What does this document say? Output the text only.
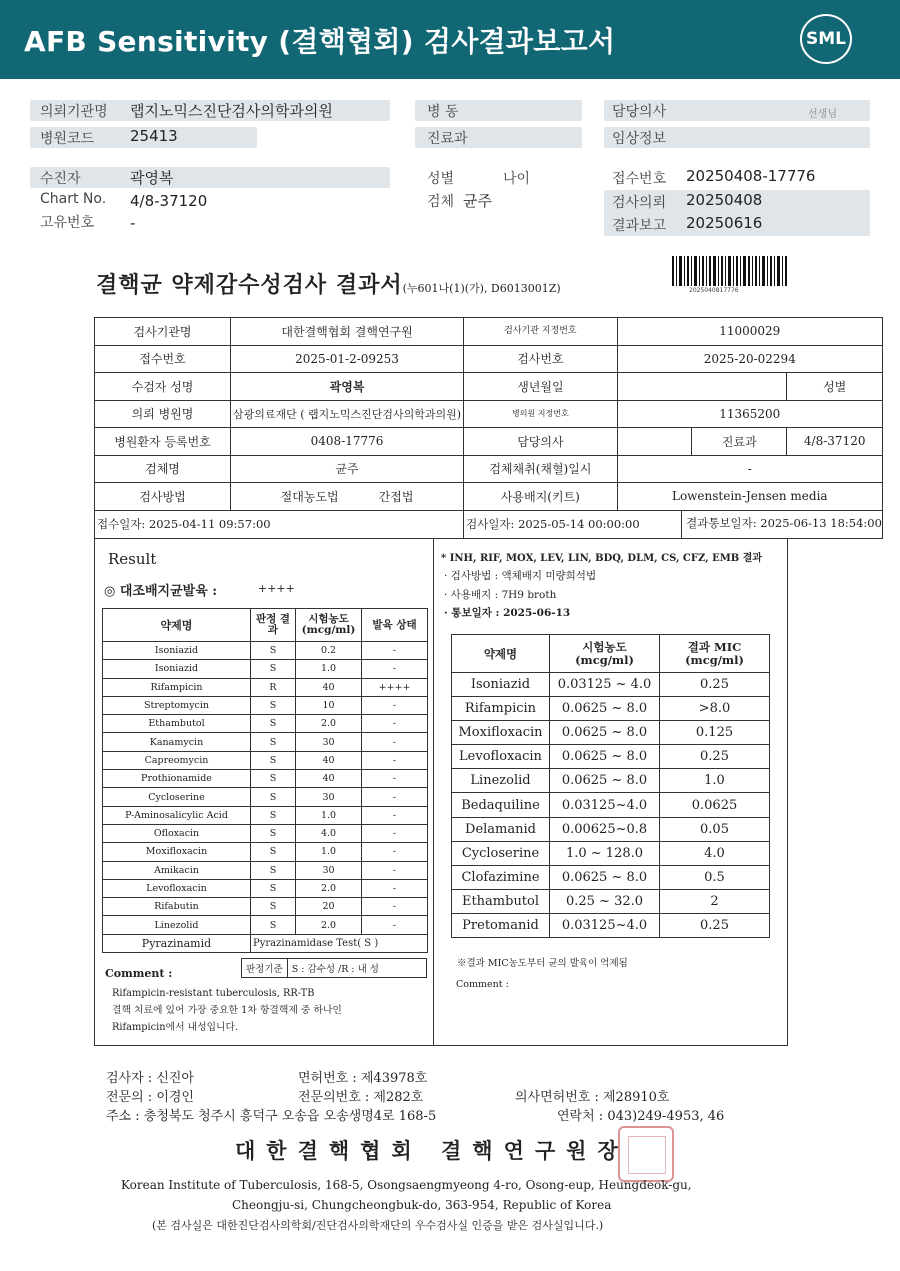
AFB Sensitivity (결핵협회) 검사결과보고서	SML
의뢰기관명 랩지노믹스진단검사의학과의원	병 동	담당의사	선생님
병원코드 25413	진료과	임상정보
수진자	곽영복	성별	나이	접수번호 20250408-17776
Chart No. 4/8-37120	검체 균주	검사의뢰 20250408
고유번호 -	결과보고 20250616
결핵균 약제감수성검사 결과서(누601나(1)(가), D6013001Z)	2025040817776
검사기관명	대한결핵협회 결핵연구원	검사기관 지정번호	11000029		
접수번호	2025-01-2-09253	검사번호	2025-20-02294		
수검자 성명	곽영복	생년월일			성별
의뢰 병원명	삼광의료재단 ( 랩지노믹스진단검사의학과의원)	병의원 지정번호	11365200		
병원환자 등록번호	0408-17776	담당의사		진료과	4/8-37120
검체명	균주	검체채취(채혈)일시	-		
검사방법	절대농도법 간접법	사용배지(키트)	Lowenstein-Jensen media		
접수일자: 2025-04-11 09:57:00		검사일자: 2025-05-14 00:00:00 결과통보일자: 2025-06-13 18:54:00			
Result
◎ 대조배지균발육 :	++++
약제명	판정 결과	시험농도 (mcg/ml)	발육 상태
Isoniazid	S	0.2	-
Isoniazid	S	1.0	-
Rifampicin	R	40	++++
Streptomycin	S	10	-
Ethambutol	S	2.0	-
Kanamycin	S	30	-
Capreomycin	S	40	-
Prothionamide	S	40	-
Cycloserine	S	30	-
P-Aminosalicylic Acid	S	1.0	-
Ofloxacin	S	4.0	-
Moxifloxacin	S	1.0	-
Amikacin	S	30	-
Levofloxacin	S	2.0	-
Rifabutin	S	20	-
Linezolid	S	2.0	-
Pyrazinamid	Pyrazinamidase Test( S )		
Comment :	판정기준 S : 감수성 /R : 내 성
Rifampicin-resistant tuberculosis, RR-TB
결핵 치료에 있어 가장 중요한 1차 항결핵제 중 하나인
Rifampicin에서 내성입니다.
* INH, RIF, MOX, LEV, LIN, BDQ, DLM, CS, CFZ, EMB 결과
· 검사방법 : 액체배지 미량희석법
· 사용배지 : 7H9 broth
· 통보일자 : 2025-06-13
약제명	시험농도 (mcg/ml)	결과 MIC (mcg/ml)
Isoniazid	0.03125 ~ 4.0	0.25
Rifampicin	0.0625 ~ 8.0	>8.0
Moxifloxacin	0.0625 ~ 8.0	0.125
Levofloxacin	0.0625 ~ 8.0	0.25
Linezolid	0.0625 ~ 8.0	1.0
Bedaquiline	0.03125~4.0	0.0625
Delamanid	0.00625~0.8	0.05
Cycloserine	1.0 ~ 128.0	4.0
Clofazimine	0.0625 ~ 8.0	0.5
Ethambutol	0.25 ~ 32.0	2
Pretomanid	0.03125~4.0	0.25
※결과 MIC농도부터 균의 발육이 억제됨
Comment :
검사자 : 신진아	면허번호 : 제43978호
전문의 : 이경인	전문의번호 : 제282호	의사면허번호 : 제28910호
주소 : 충청북도 청주시 흥덕구 오송읍 오송생명4로 168-5	연락처 : 043)249-4953, 46
대한결핵협회 결핵연구원장
Korean Institute of Tuberculosis, 168-5, Osongsaengmyeong 4-ro, Osong-eup, Heungdeok-gu,
Cheongju-si, Chungcheongbuk-do, 363-954, Republic of Korea
(본 검사실은 대한진단검사의학회/진단검사의학재단의 우수검사실 인증을 받은 검사실입니다.)
